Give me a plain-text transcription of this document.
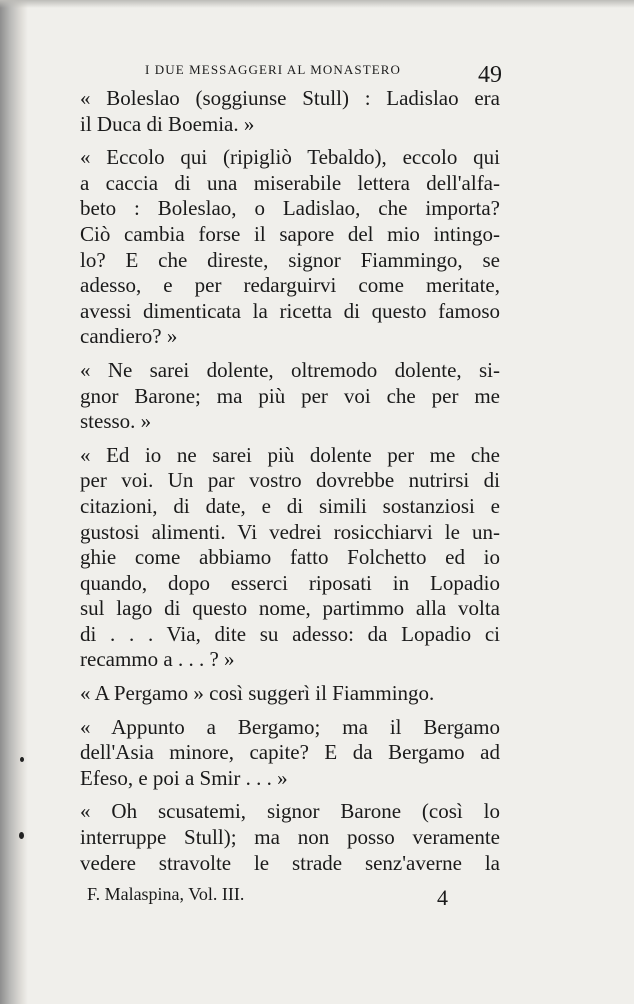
I DUE MESSAGGERI AL MONASTERO	49
« Boleslao (soggiunse Stull) : Ladislao era
il Duca di Boemia. »
« Eccolo qui (ripigliò Tebaldo), eccolo qui
a caccia di una miserabile lettera dell'alfa-
beto : Boleslao, o Ladislao, che importa?
Ciò cambia forse il sapore del mio intingo-
lo? E che direste, signor Fiammingo, se
adesso, e per redarguirvi come meritate,
avessi dimenticata la ricetta di questo famoso
candiero? »
« Ne sarei dolente, oltremodo dolente, si-
gnor Barone; ma più per voi che per me
stesso. »
« Ed io ne sarei più dolente per me che
per voi. Un par vostro dovrebbe nutrirsi di
citazioni, di date, e di simili sostanziosi e
gustosi alimenti. Vi vedrei rosicchiarvi le un-
ghie come abbiamo fatto Folchetto ed io
quando, dopo esserci riposati in Lopadio
sul lago di questo nome, partimmo alla volta
di . . . Via, dite su adesso: da Lopadio ci
recammo a . . . ? »
« A Pergamo » così suggerì il Fiammingo.
« Appunto a Bergamo; ma il Bergamo
dell'Asia minore, capite? E da Bergamo ad
Efeso, e poi a Smir . . . »
« Oh scusatemi, signor Barone (così lo
interruppe Stull); ma non posso veramente
vedere stravolte le strade senz'averne la
F. Malaspina, Vol. III.	4
